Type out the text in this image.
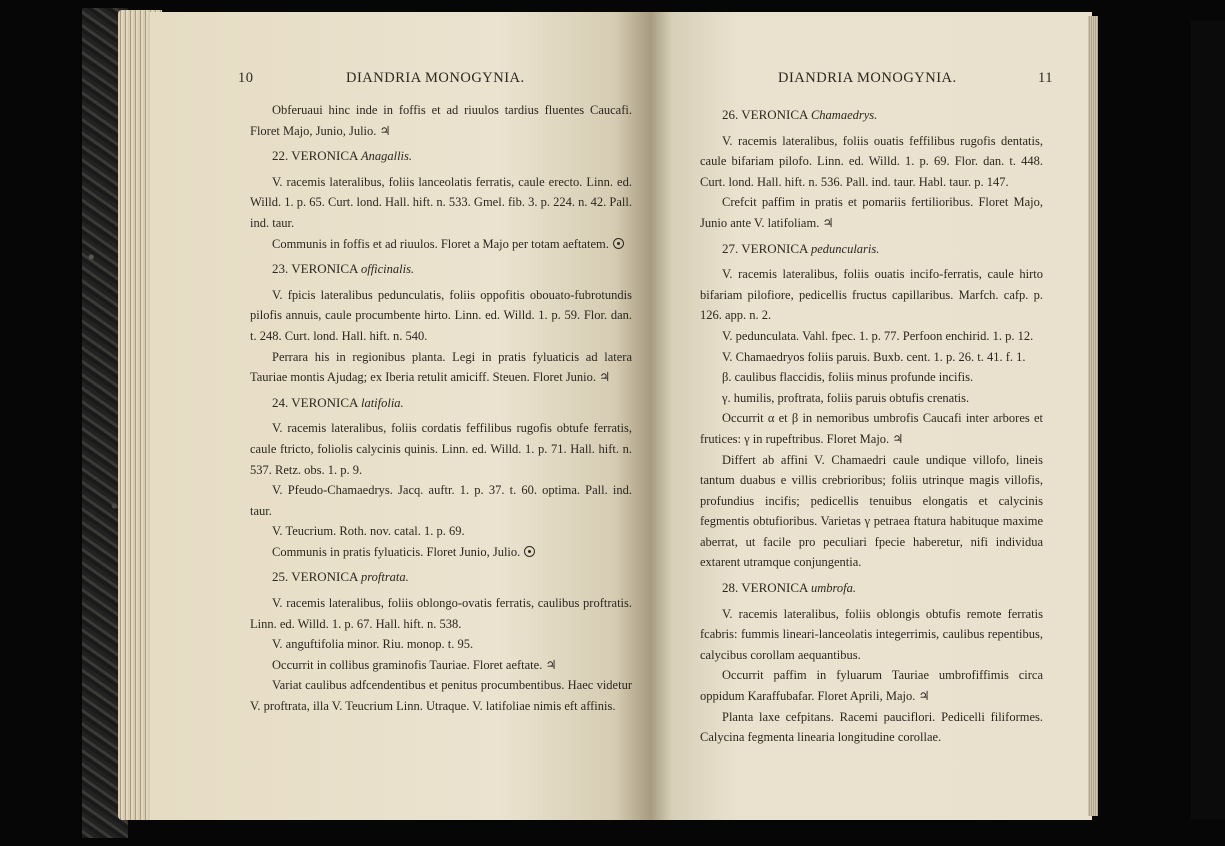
10	DIANDRIA MONOGYNIA.	DIANDRIA MONOGYNIA.	11

Obferuaui hinc inde in foffis et ad riuulos tardius fluentes Caucafi. Floret Majo, Junio, Julio. ♃

22. VERONICA Anagallis.

V. racemis lateralibus, foliis lanceolatis ferratis, caule erecto. Linn. ed. Willd. 1. p. 65. Curt. lond. Hall. hift. n. 533. Gmel. fib. 3. p. 224. n. 42. Pall. ind. taur.

Communis in foffis et ad riuulos. Floret a Majo per totam aeftatem.

23. VERONICA officinalis.

V. fpicis lateralibus pedunculatis, foliis oppofitis obouato-fubrotundis pilofis annuis, caule procumbente hirto. Linn. ed. Willd. 1. p. 59. Flor. dan. t. 248. Curt. lond. Hall. hift. n. 540.

Perrara his in regionibus planta. Legi in pratis fyluaticis ad latera Tauriae montis Ajudag; ex Iberia retulit amiciff. Steuen. Floret Junio. ♃

24. VERONICA latifolia.

V. racemis lateralibus, foliis cordatis feffilibus rugofis obtufe ferratis, caule ftricto, foliolis calycinis quinis. Linn. ed. Willd. 1. p. 71. Hall. hift. n. 537. Retz. obs. 1. p. 9.

V. Pfeudo-Chamaedrys. Jacq. auftr. 1. p. 37. t. 60. optima. Pall. ind. taur.

V. Teucrium. Roth. nov. catal. 1. p. 69.

Communis in pratis fyluaticis. Floret Junio, Julio.

25. VERONICA proftrata.

V. racemis lateralibus, foliis oblongo-ovatis ferratis, caulibus proftratis. Linn. ed. Willd. 1. p. 67. Hall. hift. n. 538.

V. anguftifolia minor. Riu. monop. t. 95.

Occurrit in collibus graminofis Tauriae. Floret aeftate. ♃

Variat caulibus adfcendentibus et penitus procumbentibus. Haec videtur V. proftrata, illa V. Teucrium Linn. Utraque. V. latifoliae nimis eft affinis.

26. VERONICA Chamaedrys.

V. racemis lateralibus, foliis ouatis feffilibus rugofis dentatis, caule bifariam pilofo. Linn. ed. Willd. 1. p. 69. Flor. dan. t. 448. Curt. lond. Hall. hift. n. 536. Pall. ind. taur. Habl. taur. p. 147.

Crefcit paffim in pratis et pomariis fertilioribus. Floret Majo, Junio ante V. latifoliam. ♃

27. VERONICA peduncularis.

V. racemis lateralibus, foliis ouatis incifo-ferratis, caule hirto bifariam pilofiore, pedicellis fructus capillaribus. Marfch. cafp. p. 126. app. n. 2.

V. pedunculata. Vahl. fpec. 1. p. 77. Perfoon enchirid. 1. p. 12.

V. Chamaedryos foliis paruis. Buxb. cent. 1. p. 26. t. 41. f. 1.

β. caulibus flaccidis, foliis minus profunde incifis.

γ. humilis, proftrata, foliis paruis obtufis crenatis.

Occurrit α et β in nemoribus umbrofis Caucafi inter arbores et frutices: γ in rupeftribus. Floret Majo. ♃

Differt ab affini V. Chamaedri caule undique villofo, lineis tantum duabus e villis crebrioribus; foliis utrinque magis villofis, profundius incifis; pedicellis tenuibus elongatis et calycinis fegmentis obtufioribus. Varietas γ petraea ftatura habituque maxime aberrat, ut facile pro peculiari fpecie haberetur, nifi individua extarent utramque conjungentia.

28. VERONICA umbrofa.

V. racemis lateralibus, foliis oblongis obtufis remote ferratis fcabris: fummis lineari-lanceolatis integerrimis, caulibus repentibus, calycibus corollam aequantibus.

Occurrit paffim in fyluarum Tauriae umbrofiffimis circa oppidum Karaffubafar. Floret Aprili, Majo. ♃

Planta laxe cefpitans. Racemi pauciflori. Pedicelli filiformes. Calycina fegmenta linearia longitudine corollae.
